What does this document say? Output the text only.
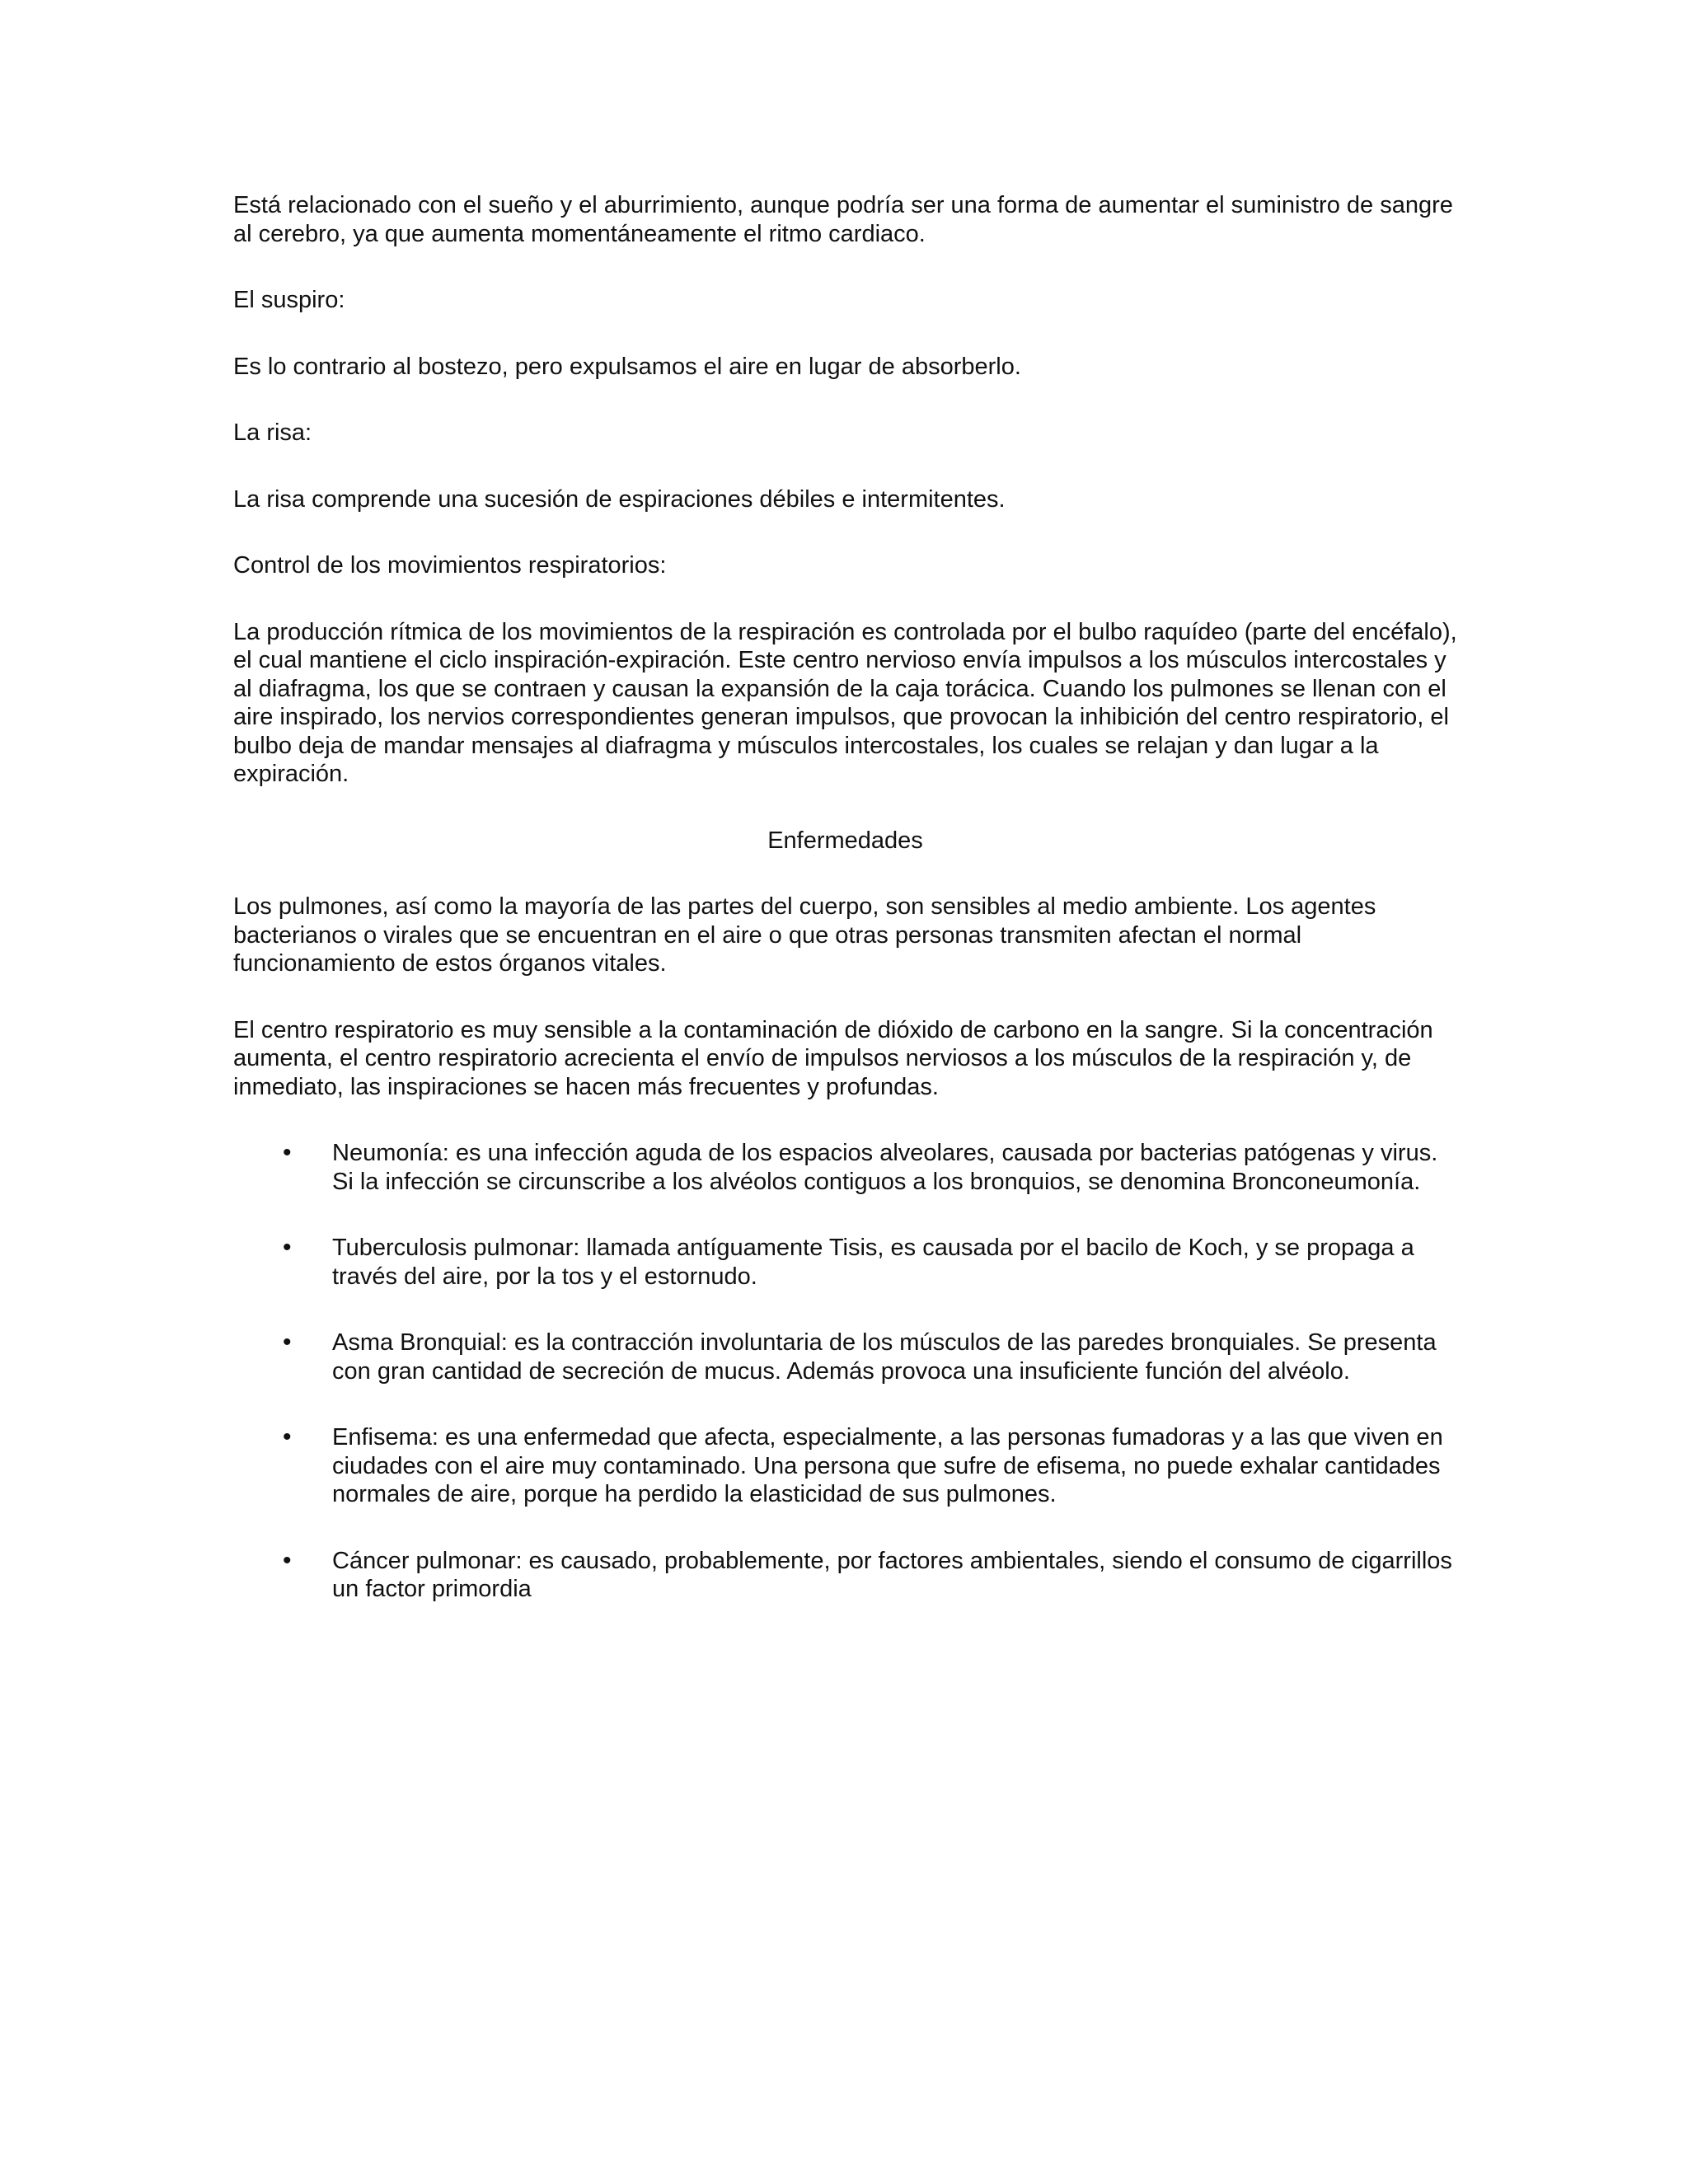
Está relacionado con el sueño y el aburrimiento, aunque podría ser una forma de aumentar el suministro de sangre al cerebro, ya que aumenta momentáneamente el ritmo cardiaco.

El suspiro:

Es lo contrario al bostezo, pero expulsamos el aire en lugar de absorberlo.

La risa:

La risa comprende una sucesión de espiraciones débiles e intermitentes.

Control de los movimientos respiratorios:

La producción rítmica de los movimientos de la respiración es controlada por el bulbo raquídeo (parte del encéfalo), el cual mantiene el ciclo inspiración-expiración. Este centro nervioso envía impulsos a los músculos intercostales y al diafragma, los que se contraen y causan la expansión de la caja torácica. Cuando los pulmones se llenan con el aire inspirado, los nervios correspondientes generan impulsos, que provocan la inhibición del centro respiratorio, el bulbo deja de mandar mensajes al diafragma y músculos intercostales, los cuales se relajan y dan lugar a la expiración.

Enfermedades

Los pulmones, así como la mayoría de las partes del cuerpo, son sensibles al medio ambiente. Los agentes bacterianos o virales que se encuentran en el aire o que otras personas transmiten afectan el normal funcionamiento de estos órganos vitales.

El centro respiratorio es muy sensible a la contaminación de dióxido de carbono en la sangre. Si la concentración aumenta, el centro respiratorio acrecienta el envío de impulsos nerviosos a los músculos de la respiración y, de inmediato, las inspiraciones se hacen más frecuentes y profundas.

• Neumonía: es una infección aguda de los espacios alveolares, causada por bacterias patógenas y virus. Si la infección se circunscribe a los alvéolos contiguos a los bronquios, se denomina Bronconeumonía.
• Tuberculosis pulmonar: llamada antíguamente Tisis, es causada por el bacilo de Koch, y se propaga a través del aire, por la tos y el estornudo.
• Asma Bronquial: es la contracción involuntaria de los músculos de las paredes bronquiales. Se presenta con gran cantidad de secreción de mucus. Además provoca una insuficiente función del alvéolo.
• Enfisema: es una enfermedad que afecta, especialmente, a las personas fumadoras y a las que viven en ciudades con el aire muy contaminado. Una persona que sufre de efisema, no puede exhalar cantidades normales de aire, porque ha perdido la elasticidad de sus pulmones.
• Cáncer pulmonar: es causado, probablemente, por factores ambientales, siendo el consumo de cigarrillos un factor primordia
